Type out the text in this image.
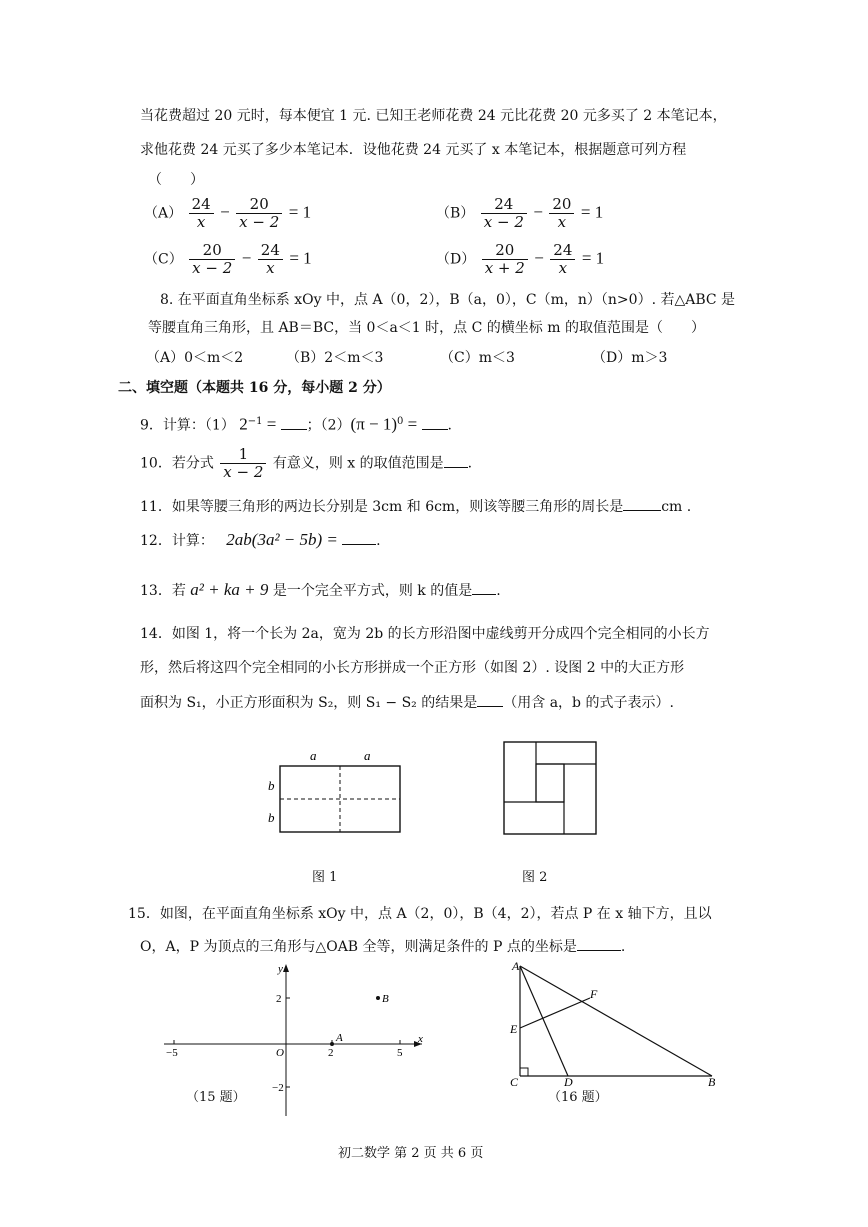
当花费超过 20 元时，每本便宜 1 元. 已知王老师花费 24 元比花费 20 元多买了 2 本笔记本，
求他花费 24 元买了多少本笔记本．设他花费 24 元买了 x 本笔记本，根据题意可列方程
（　　）
$(A) \frac{24}{x} - \frac{20}{x - 2} = 1$	$(B) \frac{24}{x - 2} - \frac{20}{x} = 1$
$(C) \frac{20}{x - 2} - \frac{24}{x} = 1$	$(D) \frac{20}{x + 2} - \frac{24}{x} = 1$
8. 在平面直角坐标系 xOy 中，点 A（0，2），B（a，0），C（m，n）（n>0）. 若△ABC 是
等腰直角三角形，且 AB＝BC，当 0＜a＜1 时，点 C 的横坐标 m 的取值范围是（　　）
（A）0＜m＜2	（B）2＜m＜3	（C）m＜3	（D）m＞3
二、填空题（本题共 16 分，每小题 2 分）
9．计算：（1） $2^{-1}$ = ；$(2)(\pi - 1)^0$ = .
10．若分式 $\frac{1}{x - 2}$ 有意义，则 x 的取值范围是 .
11．如果等腰三角形的两边长分别是 3cm 和 6cm，则该等腰三角形的周长是	cm .
12．计算： 2ab(3a² − 5b) = .
13．若 a² + ka + 9 是一个完全平方式，则 k 的值是 .
14．如图 1，将一个长为 2a，宽为 2b 的长方形沿图中虚线剪开分成四个完全相同的小长方
形，然后将这四个完全相同的小长方形拼成一个正方形（如图 2）. 设图 2 中的大正方形
面积为 S₁，小正方形面积为 S₂，则 S₁ − S₂ 的结果是 （用含 a，b 的式子表示）.
a	a
b
b
图 1	图 2
15．如图，在平面直角坐标系 xOy 中，点 A（2，0），B（4，2），若点 P 在 x 轴下方，且以
O，A，P 为顶点的三角形与△OAB 全等，则满足条件的 P 点的坐标是	.
x
y
−5	5
2
2
−2
O
A
B
（15 题）
A
E
F
C	D	B
（16 题）
初二数学 第 2 页 共 6 页
